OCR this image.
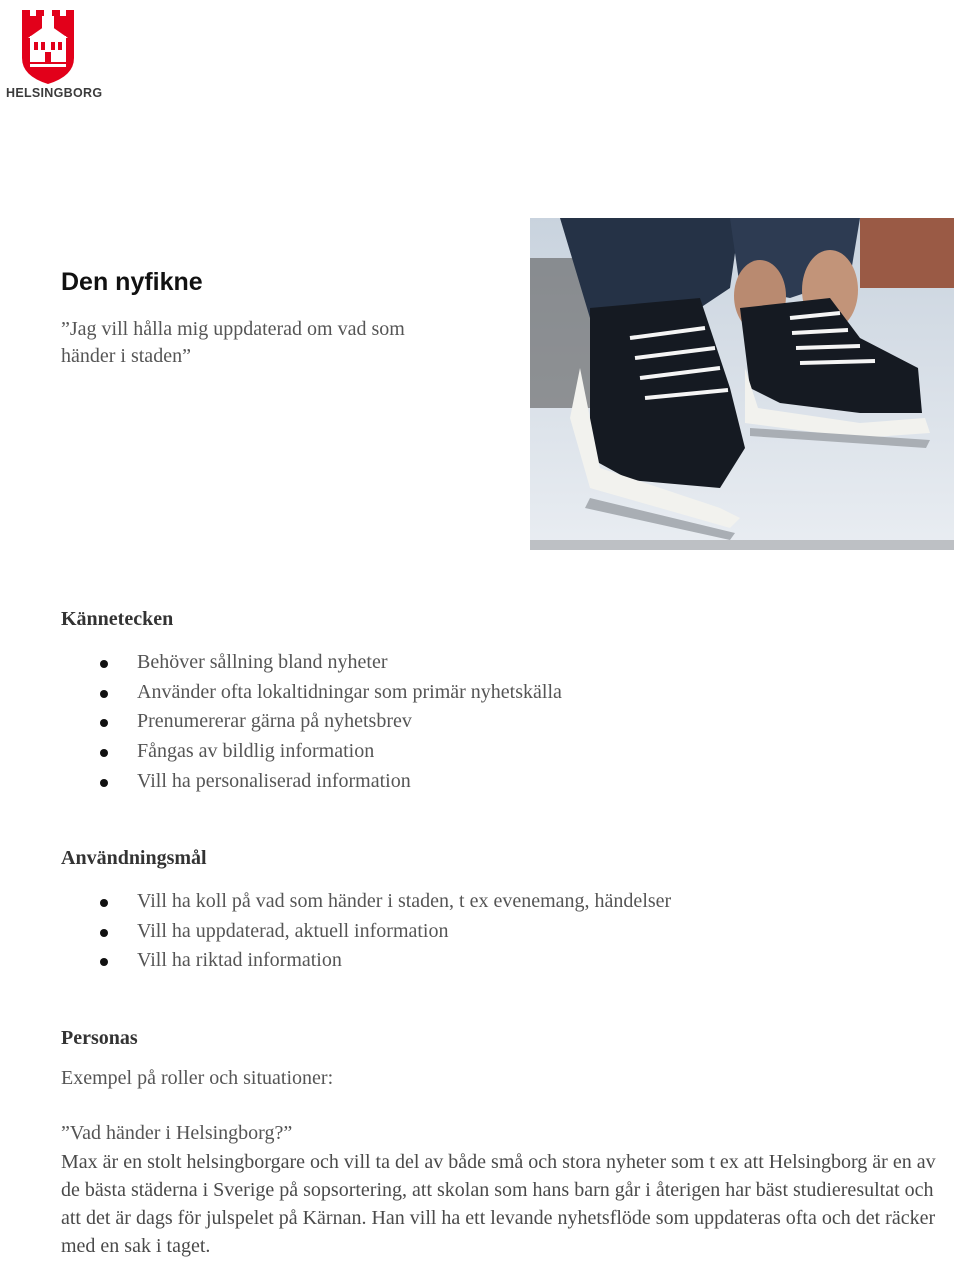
HELSINGBORG
Den nyfikne
”Jag vill hålla mig uppdaterad om vad som händer i staden”
Kännetecken
Behöver sållning bland nyheter
Använder ofta lokaltidningar som primär nyhetskälla
Prenumererar gärna på nyhetsbrev
Fångas av bildlig information
Vill ha personaliserad information
Användningsmål
Vill ha koll på vad som händer i staden, t ex evenemang, händelser
Vill ha uppdaterad, aktuell information
Vill ha riktad information
Personas
Exempel på roller och situationer:
”Vad händer i Helsingborg?”
Max är en stolt helsingborgare och vill ta del av både små och stora nyheter som t ex att Helsingborg är en av de bästa städerna i Sverige på sopsortering, att skolan som hans barn går i återigen har bäst studieresultat och att det är dags för julspelet på Kärnan. Han vill ha ett levande nyhetsflöde som uppdateras ofta och det räcker med en sak i taget.
